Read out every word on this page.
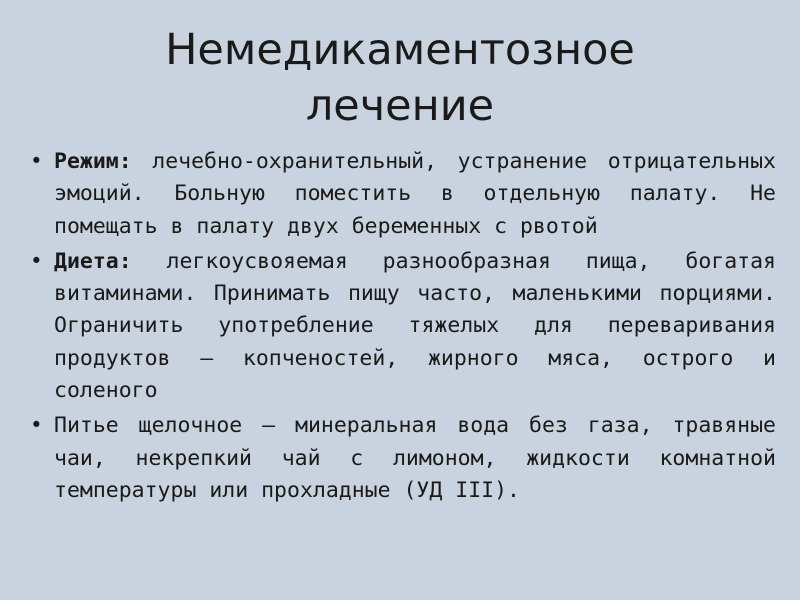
Немедикаментозное
лечение
• Режим: лечебно-охранительный, устранение отрицательных эмоций. Больную поместить в отдельную палату. Не помещать в палату двух беременных с рвотой
• Диета: легкоусвояемая разнообразная пища, богатая витаминами. Принимать пищу часто, маленькими порциями. Ограничить употребление тяжелых для переваривания продуктов – копченостей, жирного мяса, острого и соленого
• Питье щелочное – минеральная вода без газа, травяные чаи, некрепкий чай с лимоном, жидкости комнатной температуры или прохладные (УД III).
